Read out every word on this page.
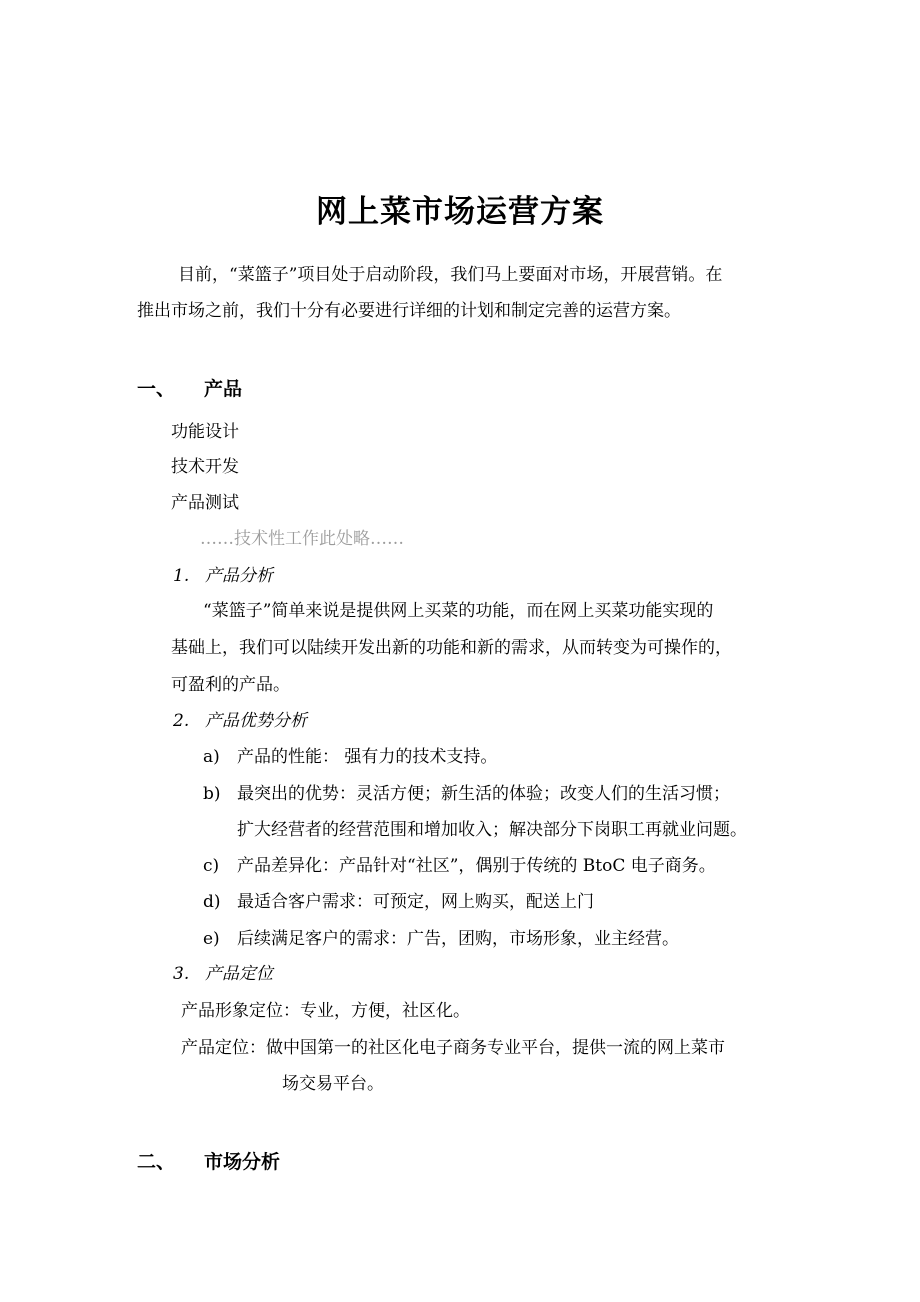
网上菜市场运营方案
目前，“菜篮子”项目处于启动阶段，我们马上要面对市场，开展营销。在
推出市场之前，我们十分有必要进行详细的计划和制定完善的运营方案。
一、 产品
功能设计
技术开发
产品测试
……技术性工作此处略……
1. 产品分析
“菜篮子”简单来说是提供网上买菜的功能，而在网上买菜功能实现的
基础上，我们可以陆续开发出新的功能和新的需求，从而转变为可操作的，
可盈利的产品。
2. 产品优势分析
a) 产品的性能： 强有力的技术支持。
b) 最突出的优势：灵活方便；新生活的体验；改变人们的生活习惯；
扩大经营者的经营范围和增加收入；解决部分下岗职工再就业问题。
c) 产品差异化：产品针对“社区”，偶别于传统的 BtoC 电子商务。
d) 最适合客户需求：可预定，网上购买，配送上门
e) 后续满足客户的需求：广告，团购，市场形象，业主经营。
3. 产品定位
产品形象定位：专业，方便，社区化。
产品定位：做中国第一的社区化电子商务专业平台，提供一流的网上菜市
场交易平台。
二、 市场分析
